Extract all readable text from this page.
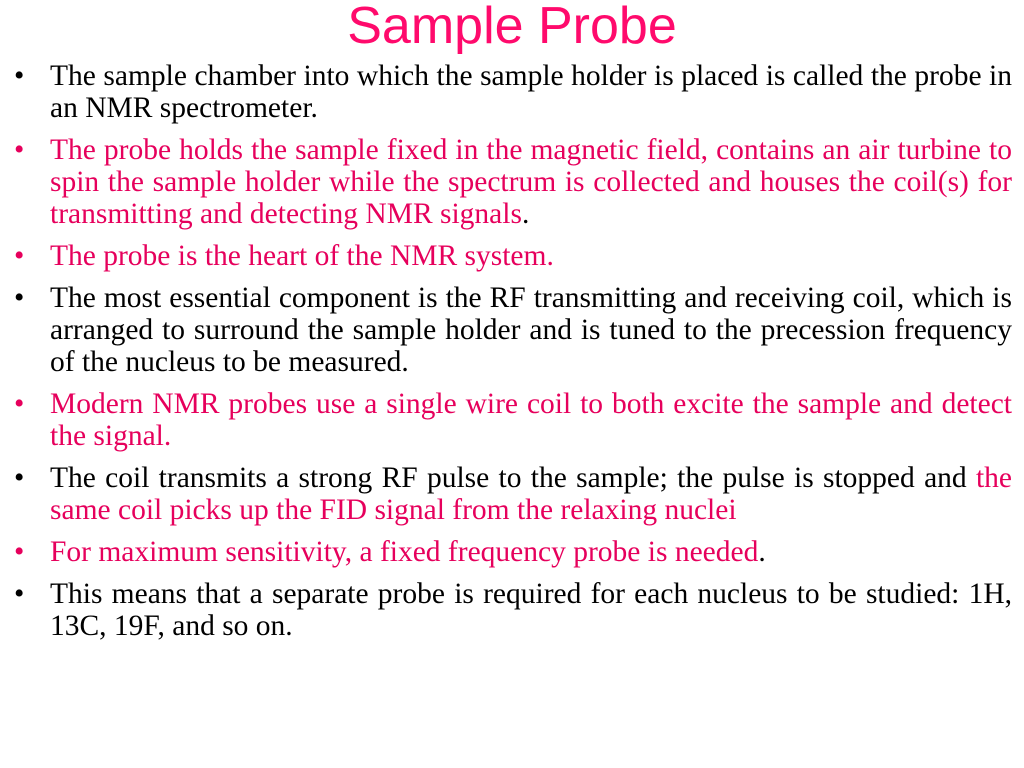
Sample Probe
• The sample chamber into which the sample holder is placed is called the probe in an NMR spectrometer.
• The probe holds the sample fixed in the magnetic field, contains an air turbine to spin the sample holder while the spectrum is collected and houses the coil(s) for transmitting and detecting NMR signals.
• The probe is the heart of the NMR system.
• The most essential component is the RF transmitting and receiving coil, which is arranged to surround the sample holder and is tuned to the precession frequency of the nucleus to be measured.
• Modern NMR probes use a single wire coil to both excite the sample and detect the signal.
• The coil transmits a strong RF pulse to the sample; the pulse is stopped and the same coil picks up the FID signal from the relaxing nuclei
• For maximum sensitivity, a fixed frequency probe is needed.
• This means that a separate probe is required for each nucleus to be studied: 1H, 13C, 19F, and so on.
